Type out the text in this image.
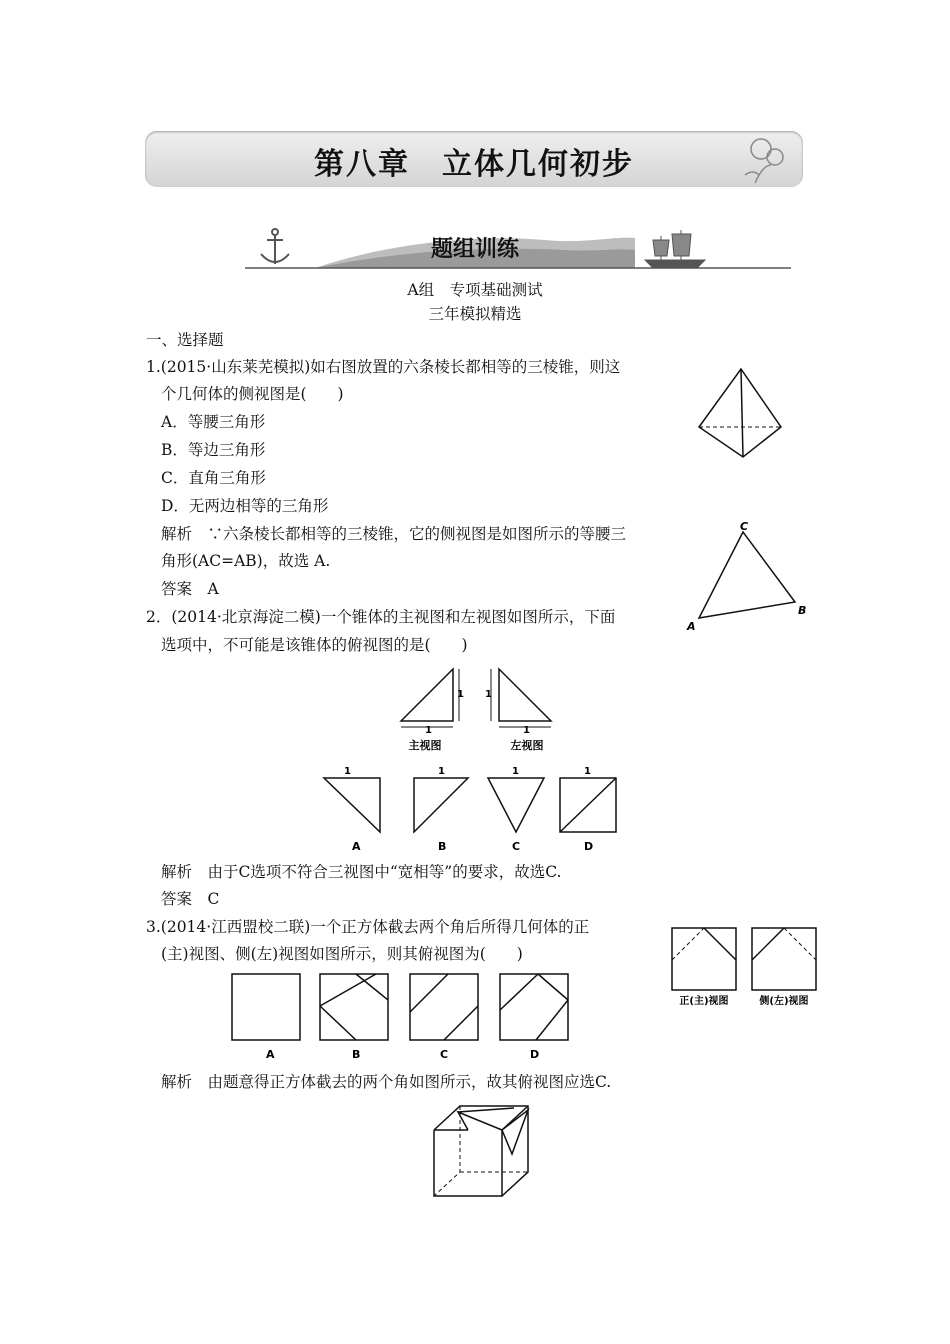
第八章　立体几何初步
题组训练
A组　专项基础测试
三年模拟精选
一、选择题
1.(2015·山东莱芜模拟)如右图放置的六条棱长都相等的三棱锥，则这
个几何体的侧视图是(　　)
A．等腰三角形
B．等边三角形
C．直角三角形
D．无两边相等的三角形
解析　∵六条棱长都相等的三棱锥，它的侧视图是如图所示的等腰三
角形(AC=AB)，故选 A.
答案　A
C
A
B
2．(2014·北京海淀二模)一个锥体的主视图和左视图如图所示，下面
选项中，不可能是该锥体的俯视图的是(　　)
1
1
主视图
1
1
左视图
1	1	1	1
A	B	C	D
解析　由于C选项不符合三视图中“宽相等”的要求，故选C.
答案　C
3.(2014·江西盟校二联)一个正方体截去两个角后所得几何体的正
(主)视图、侧(左)视图如图所示，则其俯视图为(　　)
正(主)视图	侧(左)视图
A	B	C	D
解析　由题意得正方体截去的两个角如图所示，故其俯视图应选C.
